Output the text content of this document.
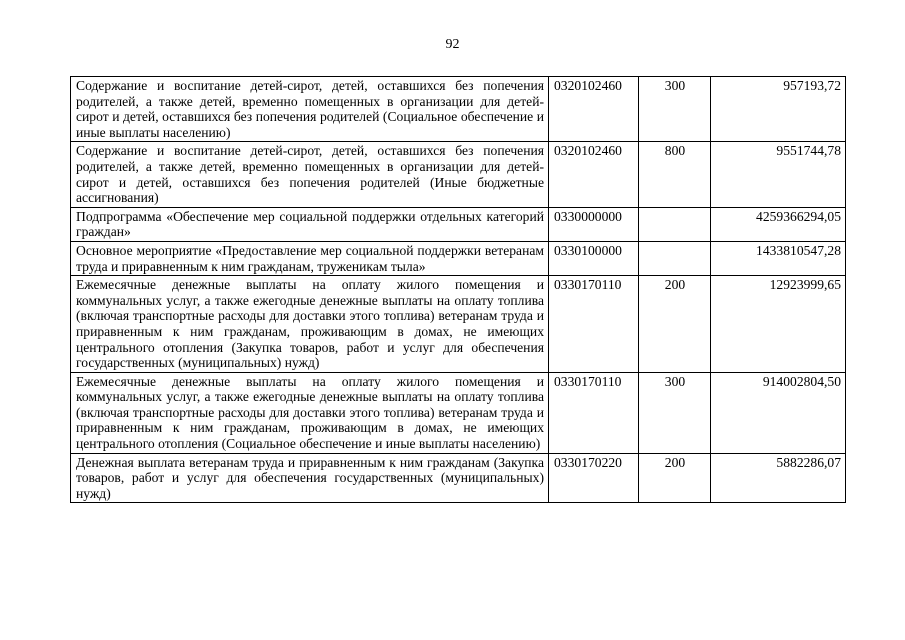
92
Содержание и воспитание детей-сирот, детей, оставшихся без попечения родителей, а также детей, временно помещенных в организации для детей-сирот и детей, оставшихся без попечения родителей (Социальное обеспечение и иные выплаты населению)	0320102460	300	957193,72
Содержание и воспитание детей-сирот, детей, оставшихся без попечения родителей, а также детей, временно помещенных в организации для детей-сирот и детей, оставшихся без попечения родителей (Иные бюджетные ассигнования)	0320102460	800	9551744,78
Подпрограмма «Обеспечение мер социальной поддержки отдельных категорий граждан»	0330000000		4259366294,05
Основное мероприятие «Предоставление мер социальной поддержки ветеранам труда и приравненным к ним гражданам, труженикам тыла»	0330100000		1433810547,28
Ежемесячные денежные выплаты на оплату жилого помещения и коммунальных услуг, а также ежегодные денежные выплаты на оплату топлива (включая транспортные расходы для доставки этого топлива) ветеранам труда и приравненным к ним гражданам, проживающим в домах, не имеющих центрального отопления (Закупка товаров, работ и услуг для обеспечения государственных (муниципальных) нужд)	0330170110	200	12923999,65
Ежемесячные денежные выплаты на оплату жилого помещения и коммунальных услуг, а также ежегодные денежные выплаты на оплату топлива (включая транспортные расходы для доставки этого топлива) ветеранам труда и приравненным к ним гражданам, проживающим в домах, не имеющих центрального отопления (Социальное обеспечение и иные выплаты населению)	0330170110	300	914002804,50
Денежная выплата ветеранам труда и приравненным к ним гражданам (Закупка товаров, работ и услуг для обеспечения государственных (муниципальных) нужд)	0330170220	200	5882286,07
